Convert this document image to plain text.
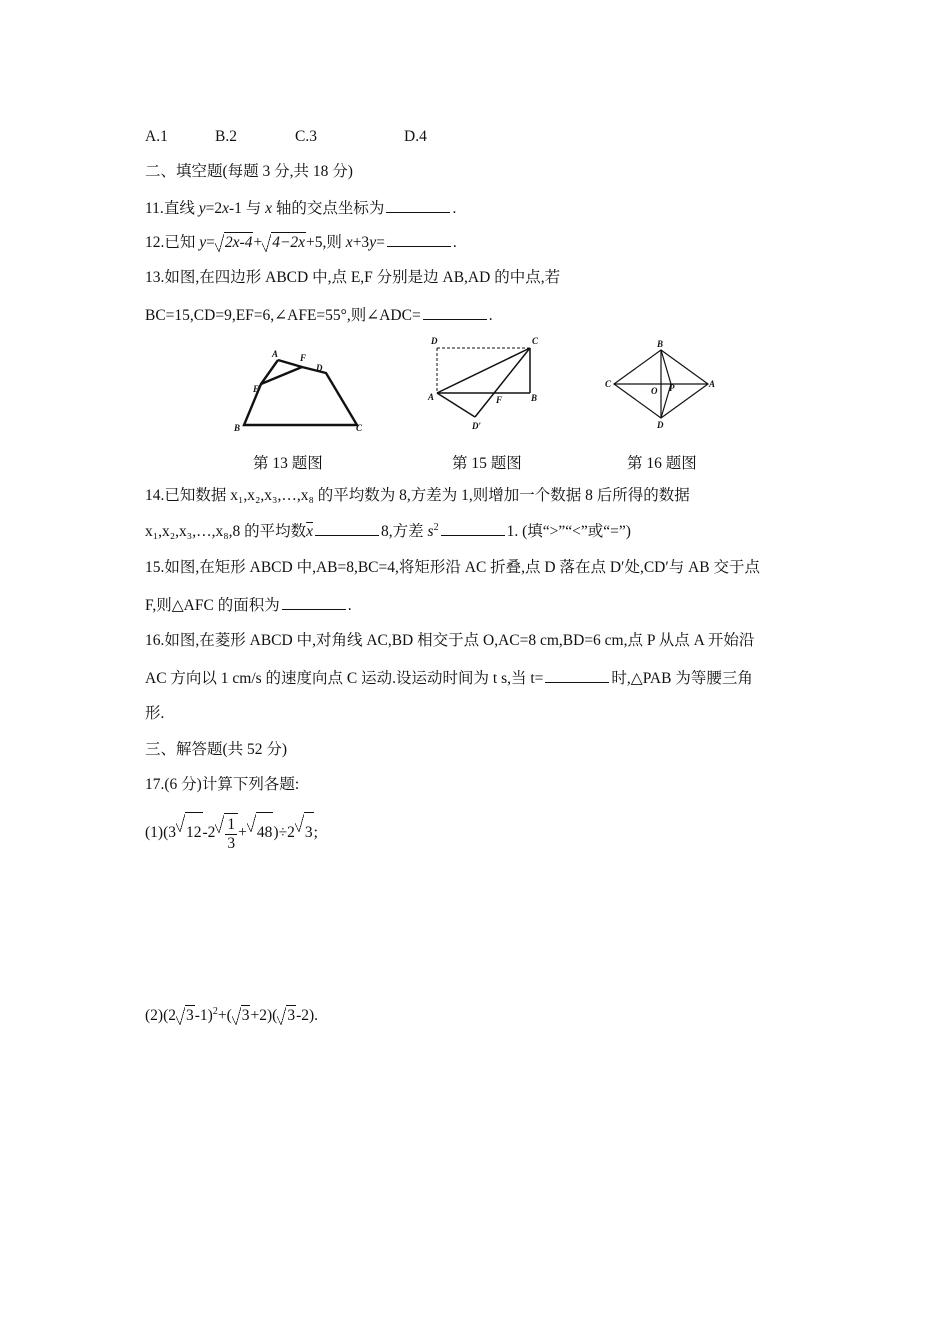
A.1	B.2	C.3	D.4
二、填空题(每题 3 分,共 18 分)
11.直线 y=2x-1 与 x 轴的交点坐标为	.
12.已知 y= 2x-4+ 4−2x+5,则 x+3y=	.
13.如图,在四边形 ABCD 中,点 E,F 分别是边 AB,AD 的中点,若
BC=15,CD=9,EF=6,∠AFE=55°,则∠ADC=	.
A F
D
E
B	C
D	C
A	F	B
D′
B
C
O P	A
D
第 13 题图	第 15 题图	第 16 题图
14.已知数据 x₁,x₂,x₃,…,x₈ 的平均数为 8,方差为 1,则增加一个数据 8 后所得的数据
x₁,x₂,x₃,…,x₈,8 的平均数$\overline{x}$	8,方差 $s^2$	1. (填“>”“<”或“=”)
15.如图,在矩形 ABCD 中,AB=8,BC=4,将矩形沿 AC 折叠,点 D 落在点 D′处,CD′与 AB 交于点
F,则△AFC 的面积为	.
16.如图,在菱形 ABCD 中,对角线 AC,BD 相交于点 O,AC=8 cm,BD=6 cm,点 P 从点 A 开始沿
AC 方向以 1 cm/s 的速度向点 C 运动.设运动时间为 t s,当 t=	时,△PAB 为等腰三角
形.
三、解答题(共 52 分)
17.(6 分)计算下列各题:
(1)(3 $12-2 \frac{1}{3} + 48)\div 2$ 3;
(2)(2 3-1)$^2$+( 3+2)( 3-2).
